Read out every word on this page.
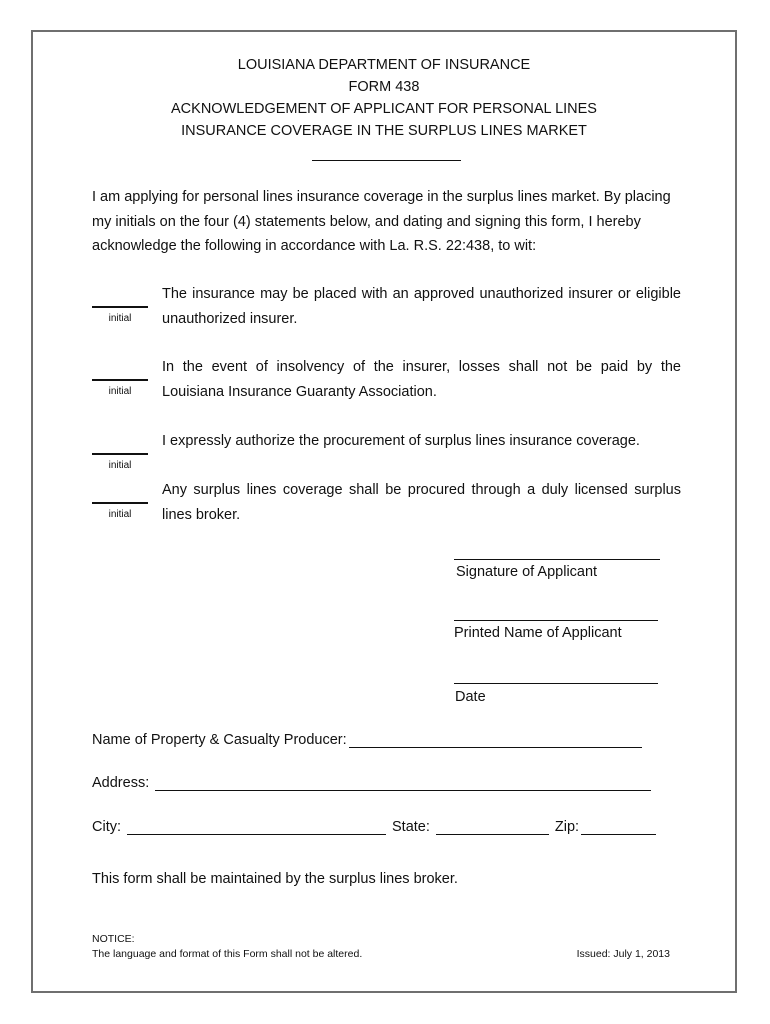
LOUISIANA DEPARTMENT OF INSURANCE
FORM 438
ACKNOWLEDGEMENT OF APPLICANT FOR PERSONAL LINES
INSURANCE COVERAGE IN THE SURPLUS LINES MARKET
I am applying for personal lines insurance coverage in the surplus lines market. By placing my initials on the four (4) statements below, and dating and signing this form, I hereby acknowledge the following in accordance with La. R.S. 22:438, to wit:
initial
The insurance may be placed with an approved unauthorized insurer or eligible unauthorized insurer.
initial
In the event of insolvency of the insurer, losses shall not be paid by the Louisiana Insurance Guaranty Association.
initial
I expressly authorize the procurement of surplus lines insurance coverage.
initial
Any surplus lines coverage shall be procured through a duly licensed surplus lines broker.
Signature of Applicant
Printed Name of Applicant
Date
Name of Property & Casualty Producer:
Address:
City:	State:	Zip:
This form shall be maintained by the surplus lines broker.
NOTICE:
The language and format of this Form shall not be altered.	Issued: July 1, 2013
